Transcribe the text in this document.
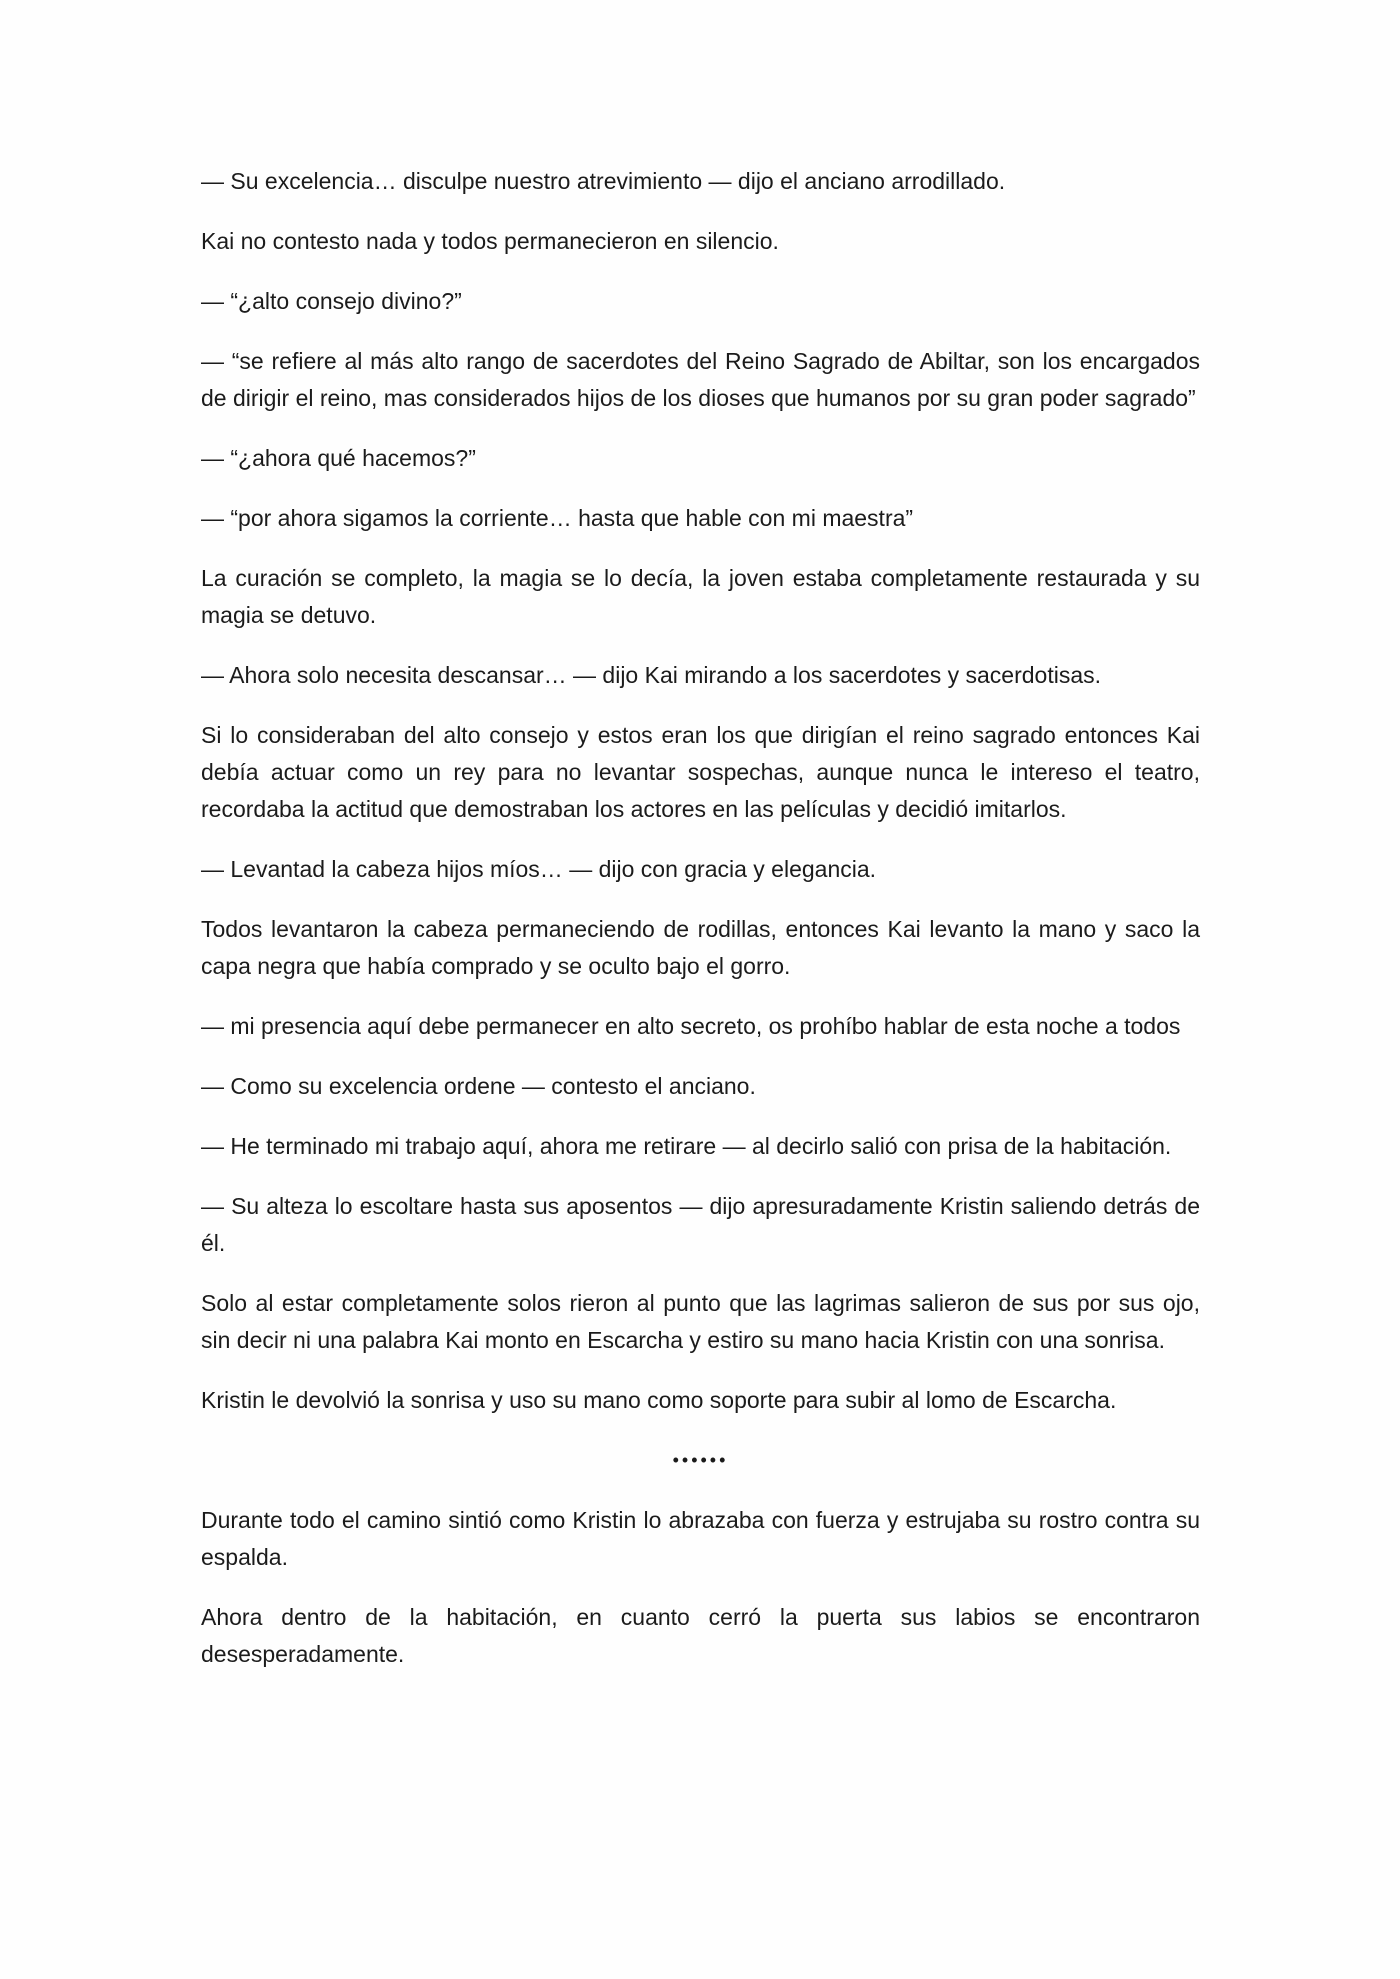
— Su excelencia… disculpe nuestro atrevimiento — dijo el anciano arrodillado.

Kai no contesto nada y todos permanecieron en silencio.

— “¿alto consejo divino?”

— “se refiere al más alto rango de sacerdotes del Reino Sagrado de Abiltar, son los encargados de dirigir el reino, mas considerados hijos de los dioses que humanos por su gran poder sagrado”

— “¿ahora qué hacemos?”

— “por ahora sigamos la corriente… hasta que hable con mi maestra”

La curación se completo, la magia se lo decía, la joven estaba completamente restaurada y su magia se detuvo.

— Ahora solo necesita descansar… — dijo Kai mirando a los sacerdotes y sacerdotisas.

Si lo consideraban del alto consejo y estos eran los que dirigían el reino sagrado entonces Kai debía actuar como un rey para no levantar sospechas, aunque nunca le intereso el teatro, recordaba la actitud que demostraban los actores en las películas y decidió imitarlos.

— Levantad la cabeza hijos míos… — dijo con gracia y elegancia.

Todos levantaron la cabeza permaneciendo de rodillas, entonces Kai levanto la mano y saco la capa negra que había comprado y se oculto bajo el gorro.

— mi presencia aquí debe permanecer en alto secreto, os prohíbo hablar de esta noche a todos

— Como su excelencia ordene — contesto el anciano.

— He terminado mi trabajo aquí, ahora me retirare — al decirlo salió con prisa de la habitación.

— Su alteza lo escoltare hasta sus aposentos — dijo apresuradamente Kristin saliendo detrás de él.

Solo al estar completamente solos rieron al punto que las lagrimas salieron de sus por sus ojo, sin decir ni una palabra Kai monto en Escarcha y estiro su mano hacia Kristin con una sonrisa.

Kristin le devolvió la sonrisa y uso su mano como soporte para subir al lomo de Escarcha.

••••••

Durante todo el camino sintió como Kristin lo abrazaba con fuerza y estrujaba su rostro contra su espalda.

Ahora dentro de la habitación, en cuanto cerró la puerta sus labios se encontraron desesperadamente.
